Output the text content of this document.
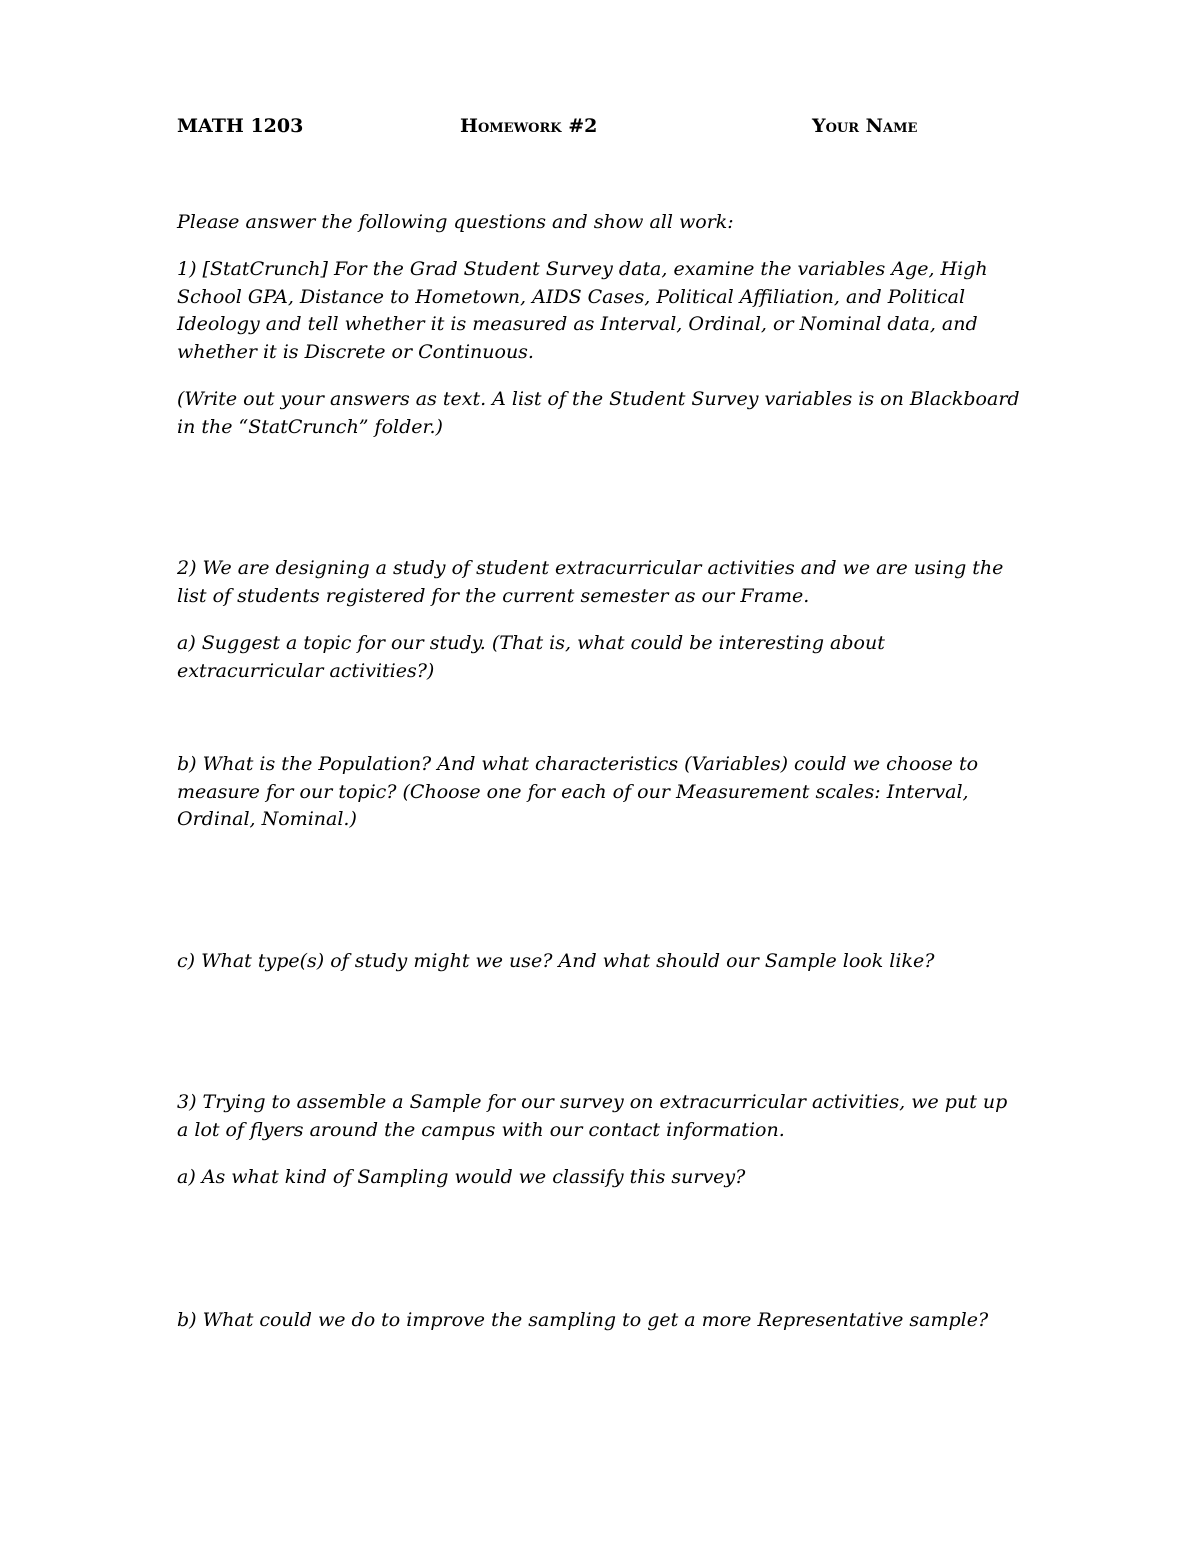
MATH 1203	Homework #2	Your Name

Please answer the following questions and show all work:

1) [StatCrunch] For the Grad Student Survey data, examine the variables Age, High
School GPA, Distance to Hometown, AIDS Cases, Political Affiliation, and Political
Ideology and tell whether it is measured as Interval, Ordinal, or Nominal data, and
whether it is Discrete or Continuous.

(Write out your answers as text. A list of the Student Survey variables is on Blackboard
in the “StatCrunch” folder.)

2) We are designing a study of student extracurricular activities and we are using the
list of students registered for the current semester as our Frame.

a) Suggest a topic for our study. (That is, what could be interesting about
extracurricular activities?)

b) What is the Population? And what characteristics (Variables) could we choose to
measure for our topic? (Choose one for each of our Measurement scales: Interval,
Ordinal, Nominal.)

c) What type(s) of study might we use? And what should our Sample look like?

3) Trying to assemble a Sample for our survey on extracurricular activities, we put up
a lot of flyers around the campus with our contact information.

a) As what kind of Sampling would we classify this survey?

b) What could we do to improve the sampling to get a more Representative sample?
